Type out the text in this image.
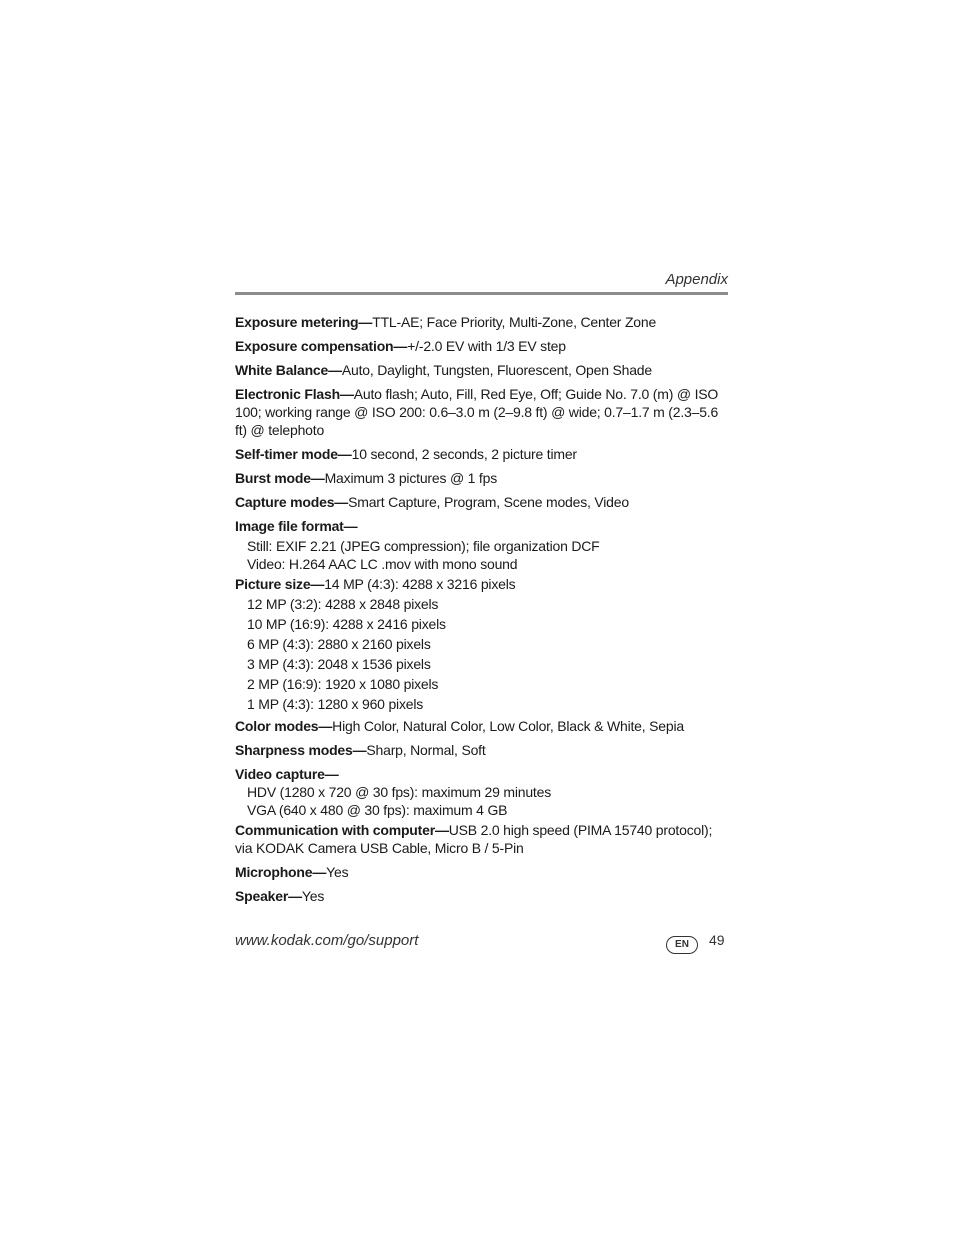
Appendix
Exposure metering—TTL-AE; Face Priority, Multi-Zone, Center Zone
Exposure compensation—+/-2.0 EV with 1/3 EV step
White Balance—Auto, Daylight, Tungsten, Fluorescent, Open Shade
Electronic Flash—Auto flash; Auto, Fill, Red Eye, Off; Guide No. 7.0 (m) @ ISO 100; working range @ ISO 200: 0.6–3.0 m (2–9.8 ft) @ wide; 0.7–1.7 m (2.3–5.6 ft) @ telephoto
Self-timer mode—10 second, 2 seconds, 2 picture timer
Burst mode—Maximum 3 pictures @ 1 fps
Capture modes—Smart Capture, Program, Scene modes, Video
Image file format—
Still: EXIF 2.21 (JPEG compression); file organization DCF
Video: H.264 AAC LC .mov with mono sound
Picture size—14 MP (4:3): 4288 x 3216 pixels
12 MP (3:2): 4288 x 2848 pixels
10 MP (16:9): 4288 x 2416 pixels
6 MP (4:3): 2880 x 2160 pixels
3 MP (4:3): 2048 x 1536 pixels
2 MP (16:9): 1920 x 1080 pixels
1 MP (4:3): 1280 x 960 pixels
Color modes—High Color, Natural Color, Low Color, Black & White, Sepia
Sharpness modes—Sharp, Normal, Soft
Video capture—
HDV (1280 x 720 @ 30 fps): maximum 29 minutes
VGA (640 x 480 @ 30 fps): maximum 4 GB
Communication with computer—USB 2.0 high speed (PIMA 15740 protocol); via KODAK Camera USB Cable, Micro B / 5-Pin
Microphone—Yes
Speaker—Yes
www.kodak.com/go/support	EN	49
